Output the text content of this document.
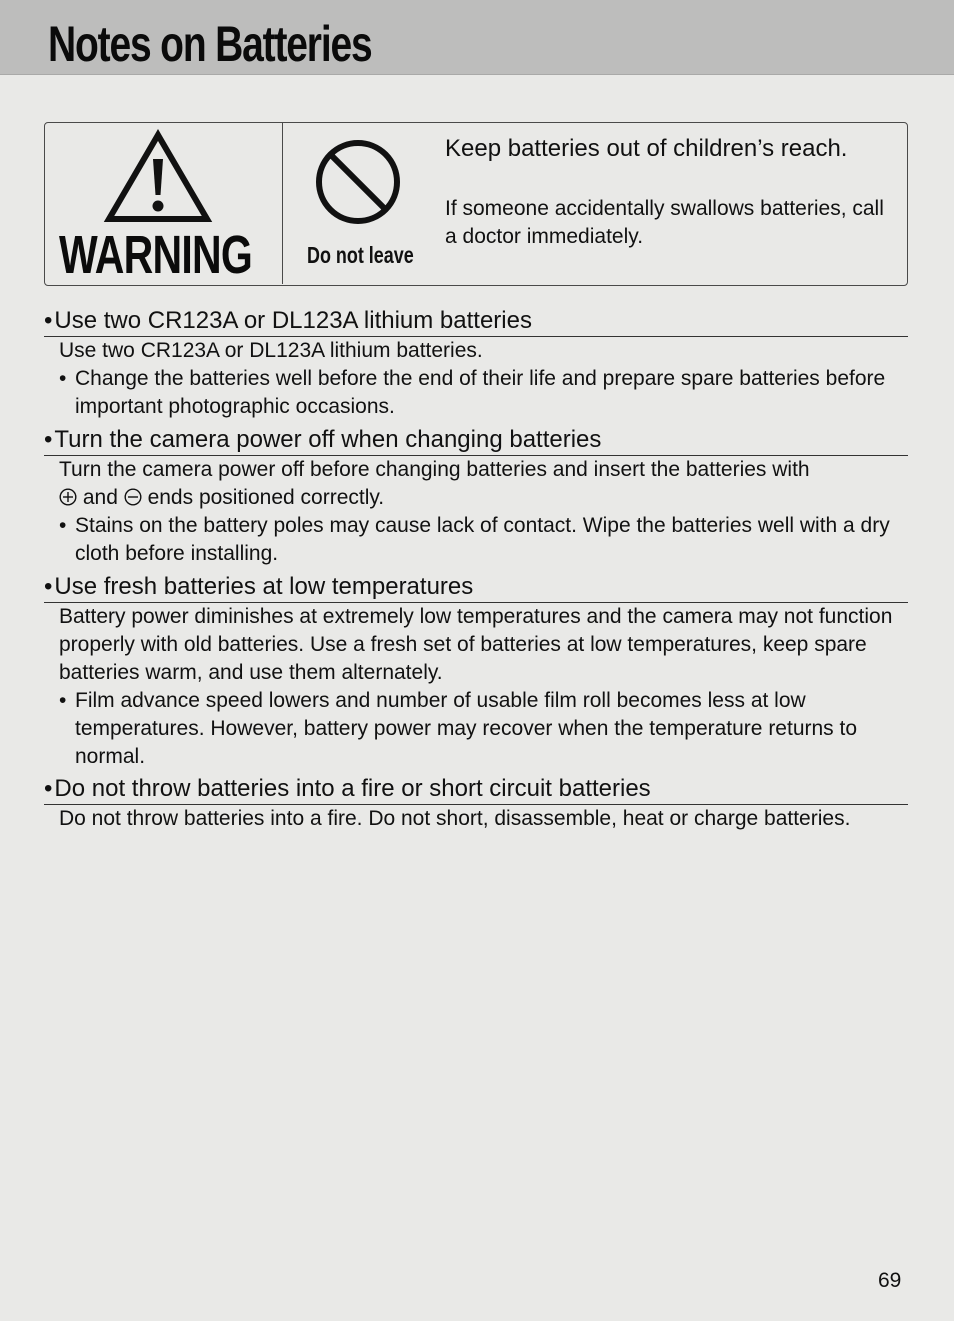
Notes on Batteries
WARNING Do not leave
Keep batteries out of children’s reach.
If someone accidentally swallows batteries, call a doctor immediately.
•Use two CR123A or DL123A lithium batteries

Use two CR123A or DL123A lithium batteries.

• Change the batteries well before the end of their life and prepare spare batteries before important photographic occasions.
•Turn the camera power off when changing batteries

Turn the camera power off before changing batteries and insert the batteries with
and ends positioned correctly.

• Stains on the battery poles may cause lack of contact. Wipe the batteries well with a dry cloth before installing.
•Use fresh batteries at low temperatures

Battery power diminishes at extremely low temperatures and the camera may not function properly with old batteries. Use a fresh set of batteries at low temperatures, keep spare batteries warm, and use them alternately.

• Film advance speed lowers and number of usable film roll becomes less at low temperatures. However, battery power may recover when the temperature returns to normal.
•Do not throw batteries into a fire or short circuit batteries

Do not throw batteries into a fire. Do not short, disassemble, heat or charge batteries.

69
